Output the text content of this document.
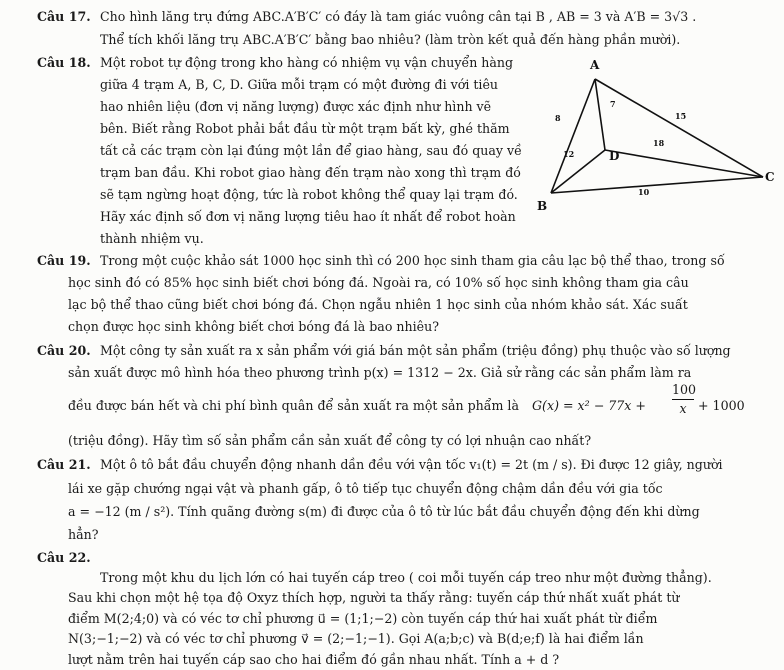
Câu 17. Cho hình lăng trụ đứng ABC.A′B′C′ có đáy là tam giác vuông cân tại B , AB = 3 và A′B = 3√3 .
Thể tích khối lăng trụ ABC.A′B′C′ bằng bao nhiêu? (làm tròn kết quả đến hàng phần mười).
Câu 18. Một robot tự động trong kho hàng có nhiệm vụ vận chuyển hàng
giữa 4 trạm A, B, C, D. Giữa mỗi trạm có một đường đi với tiêu
hao nhiên liệu (đơn vị năng lượng) được xác định như hình vẽ
bên. Biết rằng Robot phải bắt đầu từ một trạm bất kỳ, ghé thăm
tất cả các trạm còn lại đúng một lần để giao hàng, sau đó quay về
trạm ban đầu. Khi robot giao hàng đến trạm nào xong thì trạm đó
sẽ tạm ngừng hoạt động, tức là robot không thể quay lại trạm đó.
Hãy xác định số đơn vị năng lượng tiêu hao ít nhất để robot hoàn
thành nhiệm vụ.
A
B
C
D
7
15
8
12
18
10
Câu 19. Trong một cuộc khảo sát 1000 học sinh thì có 200 học sinh tham gia câu lạc bộ thể thao, trong số
học sinh đó có 85% học sinh biết chơi bóng đá. Ngoài ra, có 10% số học sinh không tham gia câu
lạc bộ thể thao cũng biết chơi bóng đá. Chọn ngẫu nhiên 1 học sinh của nhóm khảo sát. Xác suất
chọn được học sinh không biết chơi bóng đá là bao nhiêu?
Câu 20. Một công ty sản xuất ra x sản phẩm với giá bán một sản phẩm (triệu đồng) phụ thuộc vào số lượng
sản xuất được mô hình hóa theo phương trình p(x) = 1312 − 2x. Giả sử rằng các sản phẩm làm ra
đều được bán hết và chi phí bình quân để sản xuất ra một sản phẩm là G(x) = x² − 77x +
100
x + 1000
(triệu đồng). Hãy tìm số sản phẩm cần sản xuất để công ty có lợi nhuận cao nhất?
Câu 21. Một ô tô bắt đầu chuyển động nhanh dần đều với vận tốc v₁(t) = 2t (m / s). Đi được 12 giây, người
lái xe gặp chướng ngại vật và phanh gấp, ô tô tiếp tục chuyển động chậm dần đều với gia tốc
a = −12 (m / s²). Tính quãng đường s(m) đi được của ô tô từ lúc bắt đầu chuyển động đến khi dừng
hẳn?
Câu 22.
Trong một khu du lịch lớn có hai tuyến cáp treo ( coi mỗi tuyến cáp treo như một đường thẳng).
Sau khi chọn một hệ tọa độ Oxyz thích hợp, người ta thấy rằng: tuyến cáp thứ nhất xuất phát từ
điểm M(2;4;0) và có véc tơ chỉ phương u⃗ = (1;1;−2) còn tuyến cáp thứ hai xuất phát từ điểm
N(3;−1;−2) và có véc tơ chỉ phương v⃗ = (2;−1;−1). Gọi A(a;b;c) và B(d;e;f) là hai điểm lần
lượt nằm trên hai tuyến cáp sao cho hai điểm đó gần nhau nhất. Tính a + d ?
